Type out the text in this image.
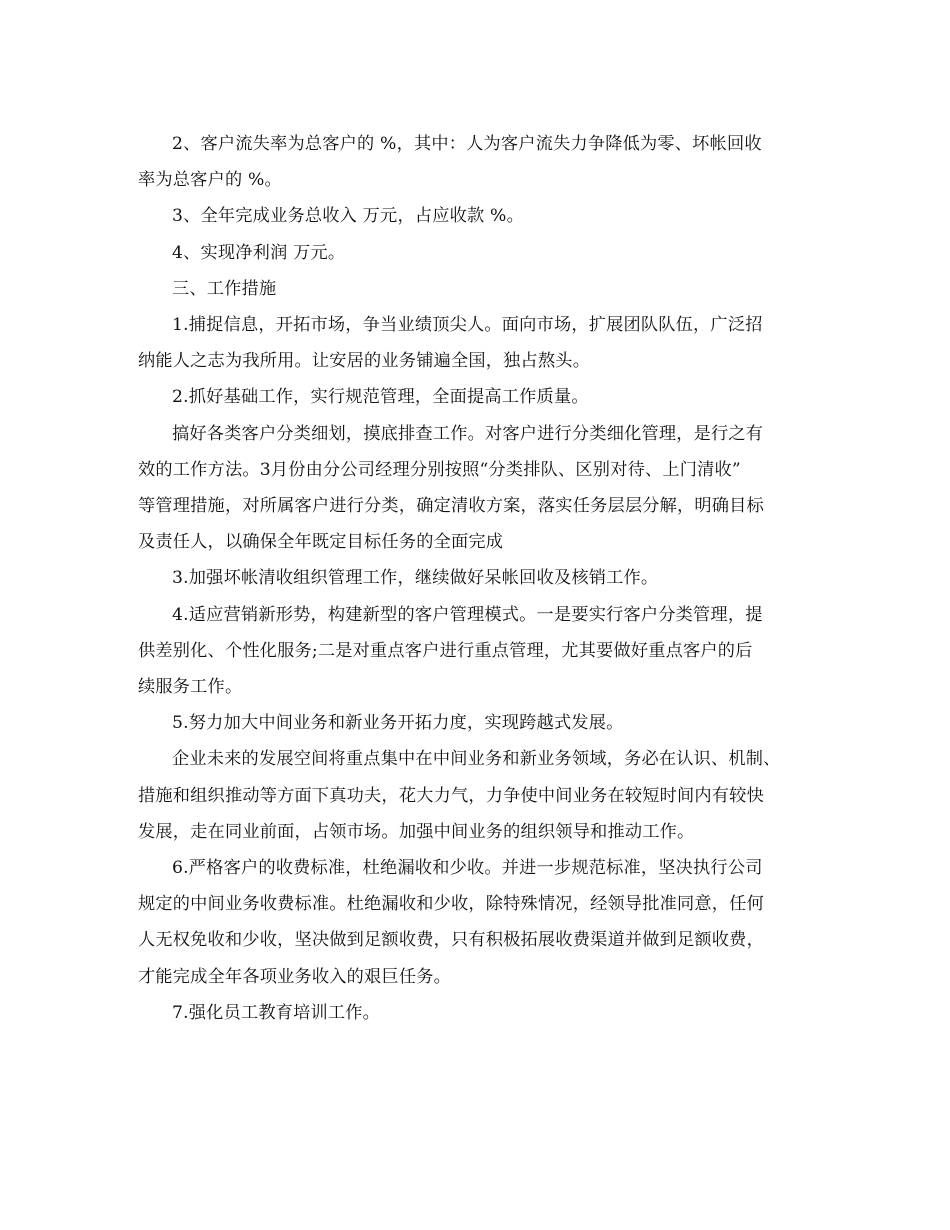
2、客户流失率为总客户的 %，其中：人为客户流失力争降低为零、坏帐回收
率为总客户的 %。
3、全年完成业务总收入 万元，占应收款 %。
4、实现净利润 万元。
三、工作措施
1.捕捉信息，开拓市场，争当业绩顶尖人。面向市场，扩展团队队伍，广泛招
纳能人之志为我所用。让安居的业务铺遍全国，独占熬头。
2.抓好基础工作，实行规范管理，全面提高工作质量。
搞好各类客户分类细划，摸底排查工作。对客户进行分类细化管理，是行之有
效的工作方法。3月份由分公司经理分别按照“分类排队、区别对待、上门清收”
等管理措施，对所属客户进行分类，确定清收方案，落实任务层层分解，明确目标
及责任人，以确保全年既定目标任务的全面完成
3.加强坏帐清收组织管理工作，继续做好呆帐回收及核销工作。
4.适应营销新形势，构建新型的客户管理模式。一是要实行客户分类管理，提
供差别化、个性化服务;二是对重点客户进行重点管理，尤其要做好重点客户的后
续服务工作。
5.努力加大中间业务和新业务开拓力度，实现跨越式发展。
企业未来的发展空间将重点集中在中间业务和新业务领域，务必在认识、机制、
措施和组织推动等方面下真功夫，花大力气，力争使中间业务在较短时间内有较快
发展，走在同业前面，占领市场。加强中间业务的组织领导和推动工作。
6.严格客户的收费标准，杜绝漏收和少收。并进一步规范标准，坚决执行公司
规定的中间业务收费标准。杜绝漏收和少收，除特殊情况，经领导批准同意，任何
人无权免收和少收，坚决做到足额收费，只有积极拓展收费渠道并做到足额收费，
才能完成全年各项业务收入的艰巨任务。
7.强化员工教育培训工作。
